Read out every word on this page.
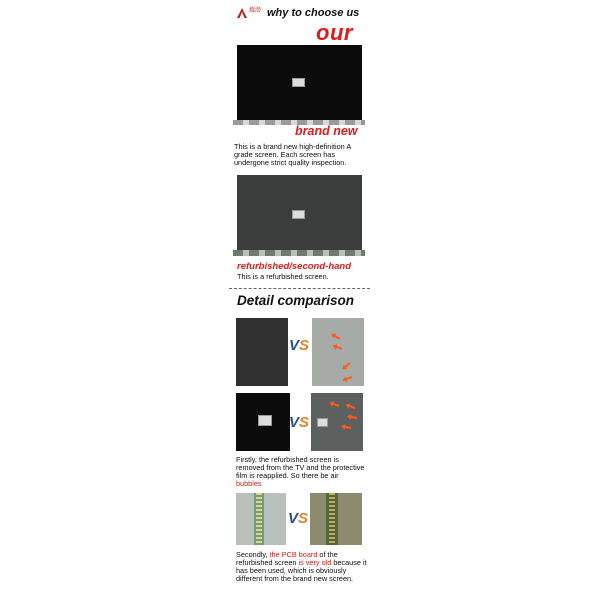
耀潜 why to choose us
our
brand new
This is a brand new high-definition A grade screen. Each screen has undergone strict quality inspection.
refurbished/second-hand
This is a refurbished screen.
Detail comparison
VS
VS
Firstly, the refurbished screen is removed from the TV and the protective film is reapplied. So there be air bubbles
VS
Secondly, the PCB board of the refurbished screen is very old because it has been used, which is obviously different from the brand new screen.
